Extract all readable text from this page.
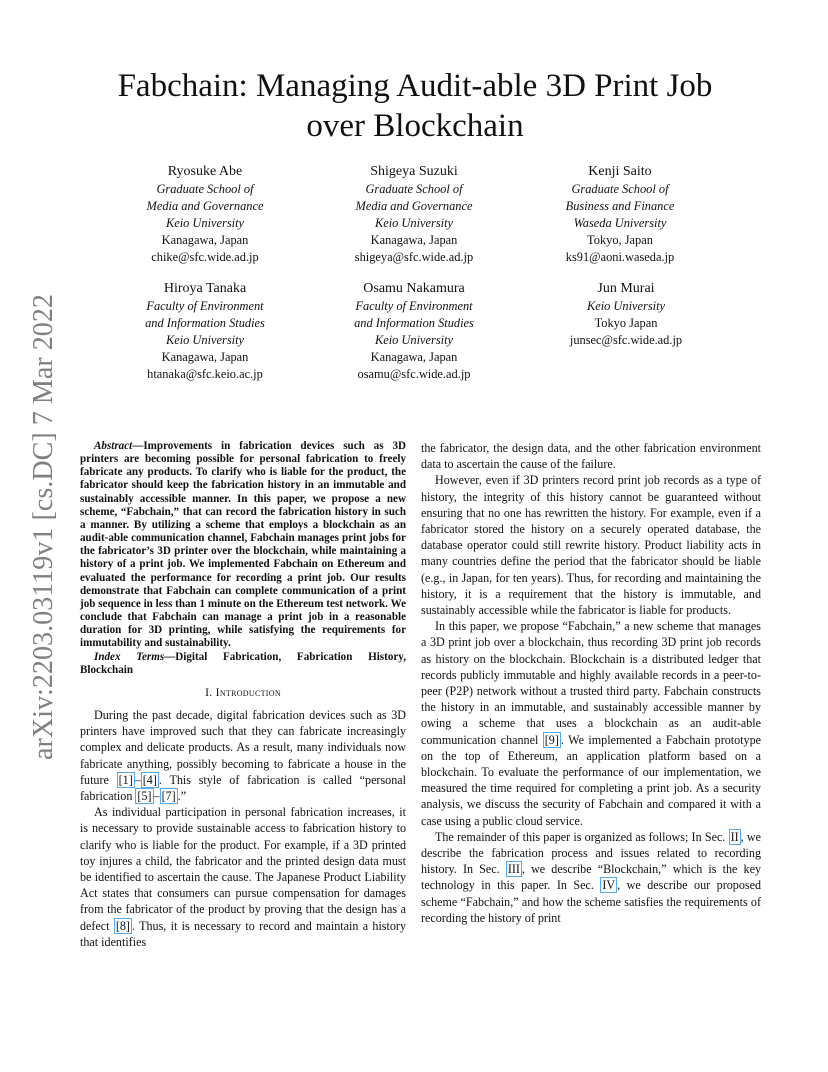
arXiv:2203.03119v1 [cs.DC] 7 Mar 2022
Fabchain: Managing Audit-able 3D Print Job
over Blockchain
Ryosuke Abe
Graduate School of
Media and Governance
Keio University
Kanagawa, Japan
chike@sfc.wide.ad.jp
Shigeya Suzuki
Graduate School of
Media and Governance
Keio University
Kanagawa, Japan
shigeya@sfc.wide.ad.jp
Kenji Saito
Graduate School of
Business and Finance
Waseda University
Tokyo, Japan
ks91@aoni.waseda.jp
Hiroya Tanaka
Faculty of Environment
and Information Studies
Keio University
Kanagawa, Japan
htanaka@sfc.keio.ac.jp
Osamu Nakamura
Faculty of Environment
and Information Studies
Keio University
Kanagawa, Japan
osamu@sfc.wide.ad.jp
Jun Murai
Keio University
Tokyo Japan
junsec@sfc.wide.ad.jp

Abstract—Improvements in fabrication devices such as 3D printers are becoming possible for personal fabrication to freely fabricate any products. To clarify who is liable for the product, the fabricator should keep the fabrication history in an immutable and sustainably accessible manner. In this paper, we propose a new scheme, “Fabchain,” that can record the fabrication history in such a manner. By utilizing a scheme that employs a blockchain as an audit-able communication channel, Fabchain manages print jobs for the fabricator’s 3D printer over the blockchain, while maintaining a history of a print job. We implemented Fabchain on Ethereum and evaluated the performance for recording a print job. Our results demonstrate that Fabchain can complete communication of a print job sequence in less than 1 minute on the Ethereum test network. We conclude that Fabchain can manage a print job in a reasonable duration for 3D printing, while satisfying the requirements for immutability and sustainability.

Index Terms—Digital Fabrication, Fabrication History, Blockchain

I. Introduction

During the past decade, digital fabrication devices such as 3D printers have improved such that they can fabricate increasingly complex and delicate products. As a result, many individuals now fabricate anything, possibly becoming to fabricate a house in the future [1] – [4] . This style of fabrication is called “personal fabrication [5] – [7] .”

As individual participation in personal fabrication increases, it is necessary to provide sustainable access to fabrication history to clarify who is liable for the product. For example, if a 3D printed toy injures a child, the fabricator and the printed design data must be identified to ascertain the cause. The Japanese Product Liability Act states that consumers can pursue compensation for damages from the fabricator of the product by proving that the design has a defect [8] . Thus, it is necessary to record and maintain a history that identifies

the fabricator, the design data, and the other fabrication environment data to ascertain the cause of the failure.

However, even if 3D printers record print job records as a type of history, the integrity of this history cannot be guaranteed without ensuring that no one has rewritten the history. For example, even if a fabricator stored the history on a securely operated database, the database operator could still rewrite history. Product liability acts in many countries define the period that the fabricator should be liable (e.g., in Japan, for ten years). Thus, for recording and maintaining the history, it is a requirement that the history is immutable, and sustainably accessible while the fabricator is liable for products.

In this paper, we propose “Fabchain,” a new scheme that manages a 3D print job over a blockchain, thus recording 3D print job records as history on the blockchain. Blockchain is a distributed ledger that records publicly immutable and highly available records in a peer-to-peer (P2P) network without a trusted third party. Fabchain constructs the history in an immutable, and sustainably accessible manner by owing a scheme that uses a blockchain as an audit-able communication channel [9] . We implemented a Fabchain prototype on the top of Ethereum, an application platform based on a blockchain. To evaluate the performance of our implementation, we measured the time required for completing a print job. As a security analysis, we discuss the security of Fabchain and compared it with a case using a public cloud service.

The remainder of this paper is organized as follows; In Sec. II , we describe the fabrication process and issues related to recording history. In Sec. III , we describe “Blockchain,” which is the key technology in this paper. In Sec. IV , we describe our proposed scheme “Fabchain,” and how the scheme satisfies the requirements of recording the history of print
